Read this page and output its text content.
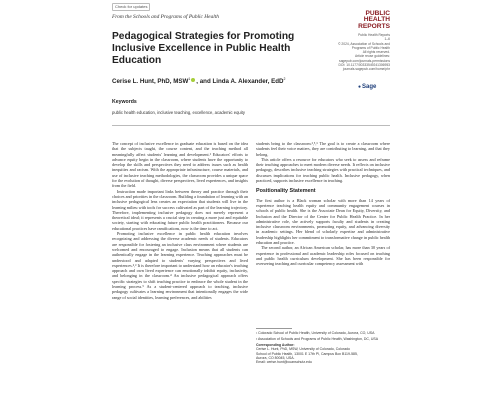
Check for updates
From the Schools and Programs of Public Health	PUBLIC
HEALTH
REPORTS
Public Health Reports
1–6
© 2024, Association of Schools and
Programs of Public Health
All rights reserved.
Article reuse guidelines:
sagepub.com/journals-permissions
DOI: 10.1177/00333549241306953
journals.sagepub.com/home/phr
●Sage
Pedagogical Strategies for Promoting Inclusive Excellence in Public Health Education
Cerise L. Hunt, PhD, MSW$^1$ , and Linda A. Alexander, EdD$^2$
Keywords
public health education, inclusive teaching, excellence, academic equity

The concept of inclusive excellence in graduate education is based on the idea that the subjects taught, the course content, and the teaching method all meaningfully affect students' learning and development.¹ Educators' efforts to advance equity begin in the classroom, where students have the opportunity to develop the skills and perspectives they need to address issues such as health inequities and racism. With the appropriate infrastructure, course materials, and use of inclusive teaching methodologies, the classroom provides a unique space for the evolution of thought, diverse perspectives, lived experiences, and insights from the field.

Instruction made important links between theory and practice through their choices and priorities in the classroom. Building a foundation of learning with an inclusive pedagogical lens creates an expectation that students will live in the learning milieu with tools for success cultivated as part of the learning trajectory. Therefore, implementing inclusive pedagogy does not merely represent a theoretical ideal; it represents a crucial step in creating a more just and equitable society, starting with educating future public health practitioners. Because our educational practices have ramifications, now is the time to act.

Promoting inclusive excellence in public health education involves recognizing and addressing the diverse academic needs of students. Educators are responsible for fostering an inclusive class environment where students are welcomed and encouraged to engage. Inclusion means that all students can authentically engage in the learning experience. Teaching approaches must be understood and adapted to students' varying perspectives and lived experiences.²,³ It is therefore important to understand how an educator's teaching approach and own lived experience can emotionally inhibit equity, inclusivity, and belonging in the classroom.⁴ An inclusive pedagogical approach offers specific strategies to shift teaching practice to embrace the whole student in the learning process.⁵ As a student-centered approach to teaching, inclusive pedagogy cultivates a learning environment that intentionally engages the wide range of social identities, learning preferences, and abilities

students bring to the classroom.²,⁵,⁶ The goal is to create a classroom where students feel their voice matters, they are contributing to learning, and that they belong.

This article offers a resource for educators who seek to assess and reframe their teaching approaches to meet modern diverse needs. It reflects on inclusive pedagogy, describes inclusive teaching strategies with practical techniques, and discusses implications for teaching public health. Inclusive pedagogy, when practiced, supports inclusive excellence in teaching.

Positionality Statement

The first author is a Black woman scholar with more than 14 years of experience teaching health equity and community engagement courses in schools of public health. She is the Associate Dean for Equity, Diversity, and Inclusion and the Director of the Center for Public Health Practice. In her administrative role, she actively supports faculty and students in creating inclusive classroom environments, promoting equity, and advancing diversity in academic settings. Her blend of scholarly expertise and administrative leadership highlights her commitment to transformative change in public health education and practice.

The second author, an African American scholar, has more than 30 years of experience in professional and academic leadership roles focused on teaching and public health curriculum development. She has been responsible for overseeing teaching and curricular competency assessment with

¹ Colorado School of Public Health, University of Colorado, Aurora, CO, USA
² Association of Schools and Programs of Public Health, Washington, DC, USA
Corresponding Author:
Cerise L. Hunt, PhD, MSW, University of Colorado, Colorado
School of Public Health, 13001 E 17th Pl, Campus Box B119-585,
Aurora, CO 80045, USA.
Email: cerise.hunt@cuanschutz.edu
